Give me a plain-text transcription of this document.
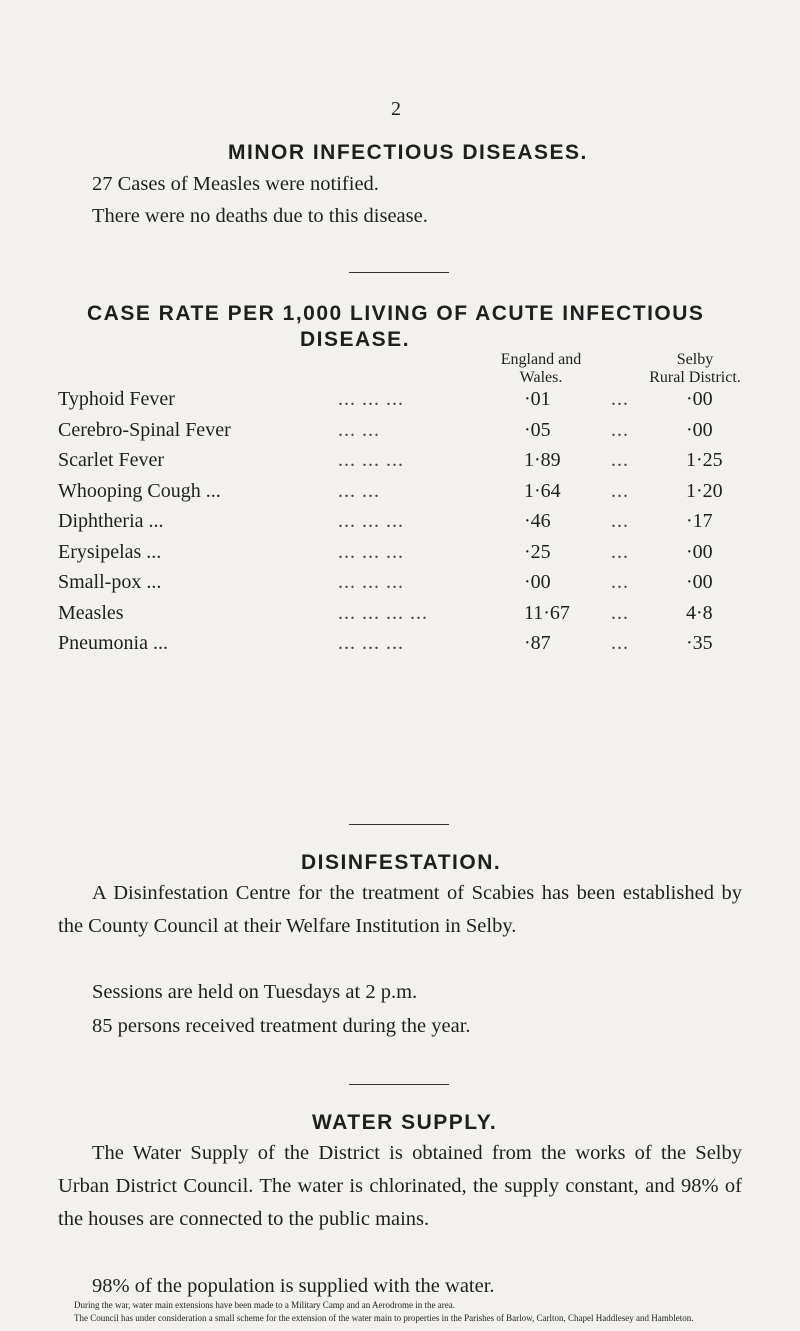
2
MINOR INFECTIOUS DISEASES.
27 Cases of Measles were notified.
There were no deaths due to this disease.
CASE RATE PER 1,000 LIVING OF ACUTE INFECTIOUS
DISEASE.
England and
Wales.
Selby
Rural District.
Typhoid Fever	... ... ...	·01	...	·00
Cerebro-Spinal Fever	... ...	·05	...	·00
Scarlet Fever	... ... ...	1·89	...	1·25
Whooping Cough ...	... ...	1·64	...	1·20
Diphtheria ...	... ... ...	·46	...	·17
Erysipelas ...	... ... ...	·25	...	·00
Small-pox ...	... ... ...	·00	...	·00
Measles	... ... ... ...	11·67 ...	4·8
Pneumonia ...	... ... ...	·87	...	·35
DISINFESTATION.
A Disinfestation Centre for the treatment of Scabies has been established by the County Council at their Welfare Institution in Selby.
Sessions are held on Tuesdays at 2 p.m.
85 persons received treatment during the year.
WATER SUPPLY.
The Water Supply of the District is obtained from the works of the Selby Urban District Council. The water is chlorinated, the supply constant, and 98% of the houses are connected to the public mains.
98% of the population is supplied with the water.
During the war, water main extensions have been made to a Military Camp and an Aerodrome in the area.
The Council has under consideration a small scheme for the extension of the water main to properties in the Parishes of Barlow, Carlton, Chapel Haddlesey and Hambleton.
